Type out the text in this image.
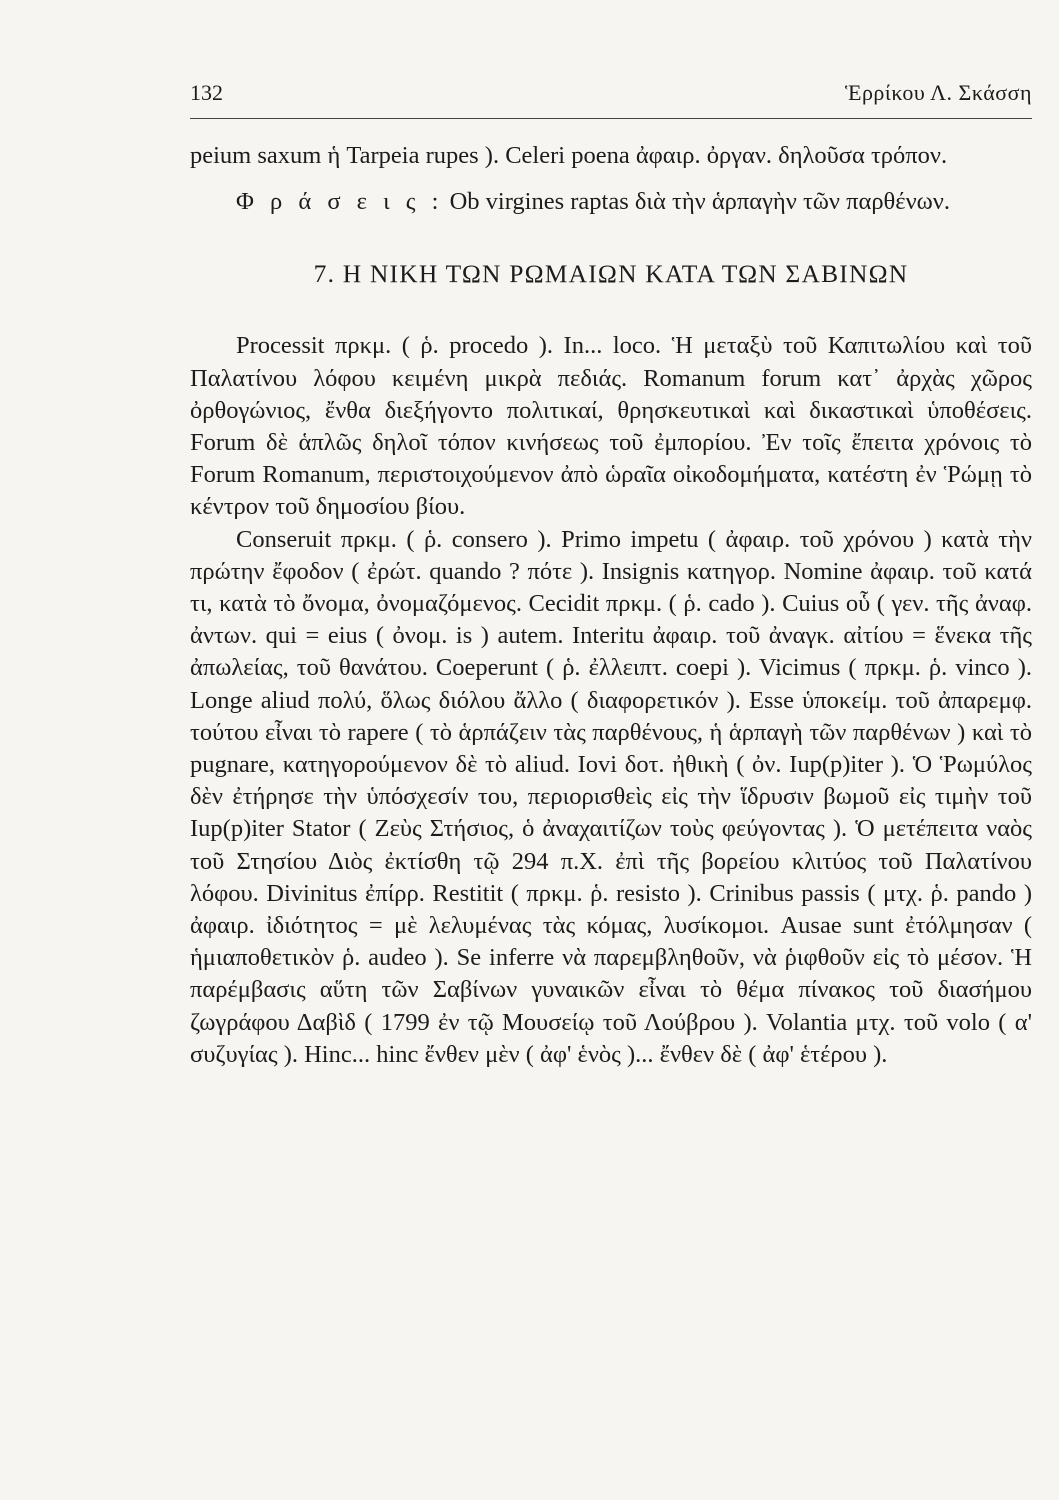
132	Ἑρρίκου Λ. Σκάσση

peium saxum ἡ Tarpeia rupes ). Celeri poena ἀφαιρ. ὀργαν. δηλοῦσα τρόπον.

Φ ρ ά σ ε ι ς : Ob virgines raptas διὰ τὴν ἁρπαγὴν τῶν παρθένων.

7. Η ΝΙΚΗ ΤΩΝ ΡΩΜΑΙΩΝ ΚΑΤΑ ΤΩΝ ΣΑΒΙΝΩΝ

Processit πρκμ. ( ῥ. procedo ). In... loco. Ἡ μεταξὺ τοῦ Καπιτωλίου καὶ τοῦ Παλατίνου λόφου κειμένη μικρὰ πεδιάς. Romanum forum κατ᾿ ἀρχὰς χῶρος ὀρθογώνιος, ἔνθα διεξήγοντο πολιτικαί, θρησκευτικαὶ καὶ δικαστικαὶ ὑποθέσεις. Forum δὲ ἁπλῶς δηλοῖ τόπον κινήσεως τοῦ ἐμπορίου. Ἐν τοῖς ἔπειτα χρόνοις τὸ Forum Romanum, περιστοιχούμενον ἀπὸ ὡραῖα οἰκοδομήματα, κατέστη ἐν Ῥώμῃ τὸ κέντρον τοῦ δημοσίου βίου.

Conseruit πρκμ. ( ῥ. consero ). Primo impetu ( ἀφαιρ. τοῦ χρόνου ) κατὰ τὴν πρώτην ἔφοδον ( ἐρώτ. quando ? πότε ). Insignis κατηγορ. Nomine ἀφαιρ. τοῦ κατά τι, κατὰ τὸ ὄνομα, ὀνομαζόμενος. Cecidit πρκμ. ( ῥ. cado ). Cuius οὗ ( γεν. τῆς ἀναφ. ἀντων. qui = eius ( ὀνομ. is ) autem. Interitu ἀφαιρ. τοῦ ἀναγκ. αἰτίου = ἕνεκα τῆς ἀπωλείας, τοῦ θανάτου. Coeperunt ( ῥ. ἐλλειπτ. coepi ). Vicimus ( πρκμ. ῥ. vinco ). Longe aliud πολύ, ὅλως διόλου ἄλλο ( διαφορετικόν ). Esse ὑποκείμ. τοῦ ἀπαρεμφ. τούτου εἶναι τὸ rapere ( τὸ ἁρπάζειν τὰς παρθένους, ἡ ἁρπαγὴ τῶν παρθένων ) καὶ τὸ pugnare, κατηγορούμενον δὲ τὸ aliud. Iovi δοτ. ἠθικὴ ( ὀν. Iup(p)iter ). Ὁ Ῥωμύλος δὲν ἐτήρησε τὴν ὑπόσχεσίν του, περιορισθεὶς εἰς τὴν ἵδρυσιν βωμοῦ εἰς τιμὴν τοῦ Iup(p)iter Stator ( Ζεὺς Στήσιος, ὁ ἀναχαιτίζων τοὺς φεύγοντας ). Ὁ μετέπειτα ναὸς τοῦ Στησίου Διὸς ἐκτίσθη τῷ 294 π.Χ. ἐπὶ τῆς βορείου κλιτύος τοῦ Παλατίνου λόφου. Divinitus ἐπίρρ. Restitit ( πρκμ. ῥ. resisto ). Crinibus passis ( μτχ. ῥ. pando ) ἀφαιρ. ἰδιότητος = μὲ λελυμένας τὰς κόμας, λυσίκομοι. Ausae sunt ἐτόλμησαν ( ἡμιαποθετικὸν ῥ. audeo ). Se inferre νὰ παρεμβληθοῦν, νὰ ῥιφθοῦν εἰς τὸ μέσον. Ἡ παρέμβασις αὕτη τῶν Σαβίνων γυναικῶν εἶναι τὸ θέμα πίνακος τοῦ διασήμου ζωγράφου Δαβὶδ ( 1799 ἐν τῷ Μουσείῳ τοῦ Λούβρου ). Volantia μτχ. τοῦ volo ( α' συζυγίας ). Hinc... hinc ἔνθεν μὲν ( ἀφ' ἑνὸς )... ἔνθεν δὲ ( ἀφ' ἑτέρου ).
